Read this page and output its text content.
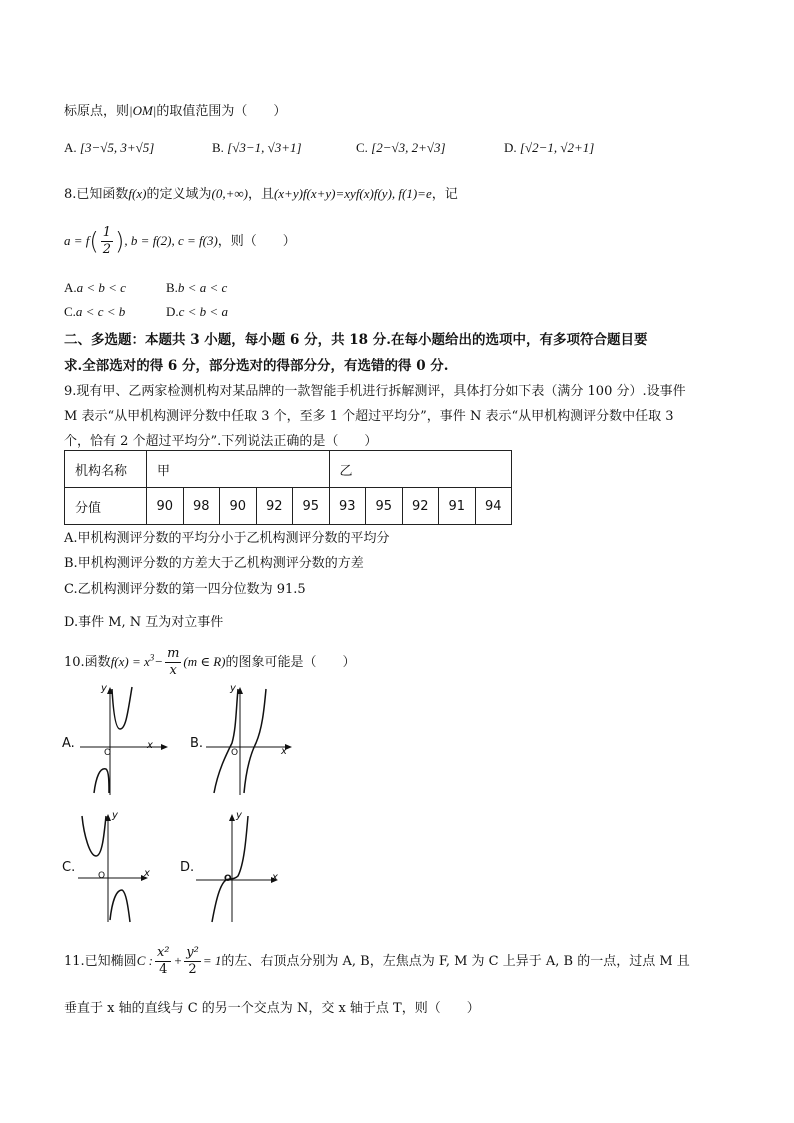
标原点，则|OM|的取值范围为（　　）
A. [3−√5, 3+√5]	B. [√3−1, √3+1]	C. [2−√3, 2+√3]	D. [√2−1, √2+1]
8.已知函数f(x)的定义域为(0,+∞)，且(x+y)f(x+y)=xyf(x)f(y), f(1)=e，记
$a = f( \frac{1}{2}$ ), b = f(2), c = f(3)，则（　　）
A.a < b < c	B.b < a < c
C.a < c < b	D.c < b < a
二、多选题：本题共 3 小题，每小题 6 分，共 18 分.在每小题给出的选项中，有多项符合题目要
求.全部选对的得 6 分，部分选对的得部分分，有选错的得 0 分.
9.现有甲、乙两家检测机构对某品牌的一款智能手机进行拆解测评，具体打分如下表（满分 100 分）.设事件
M 表示“从甲机构测评分数中任取 3 个，至多 1 个超过平均分”，事件 N 表示“从甲机构测评分数中任取 3
个，恰有 2 个超过平均分”.下列说法正确的是（　　）
机构名称	甲					乙				
分值	90	98	90	92	95	93	95	92	91	94
A.甲机构测评分数的平均分小于乙机构测评分数的平均分
B.甲机构测评分数的方差大于乙机构测评分数的方差
C.乙机构测评分数的第一四分位数为 91.5
D.事件 M, N 互为对立事件
10.函数$f(x) = x^3- \frac{m}{x} (m$ ∈ R)的图象可能是（　　）
A.	x
y
O
B.
x
y
O
C.	x
y
O
D.
x
y
O
11.已知椭圆C : $\frac{\text{x²}}{4} + \frac{\text{y²}}{2} = 1$的左、右顶点分别为 A, B，左焦点为 F, M 为 C 上异于 A, B 的一点，过点 M 且
垂直于 x 轴的直线与 C 的另一个交点为 N，交 x 轴于点 T，则（　　）
